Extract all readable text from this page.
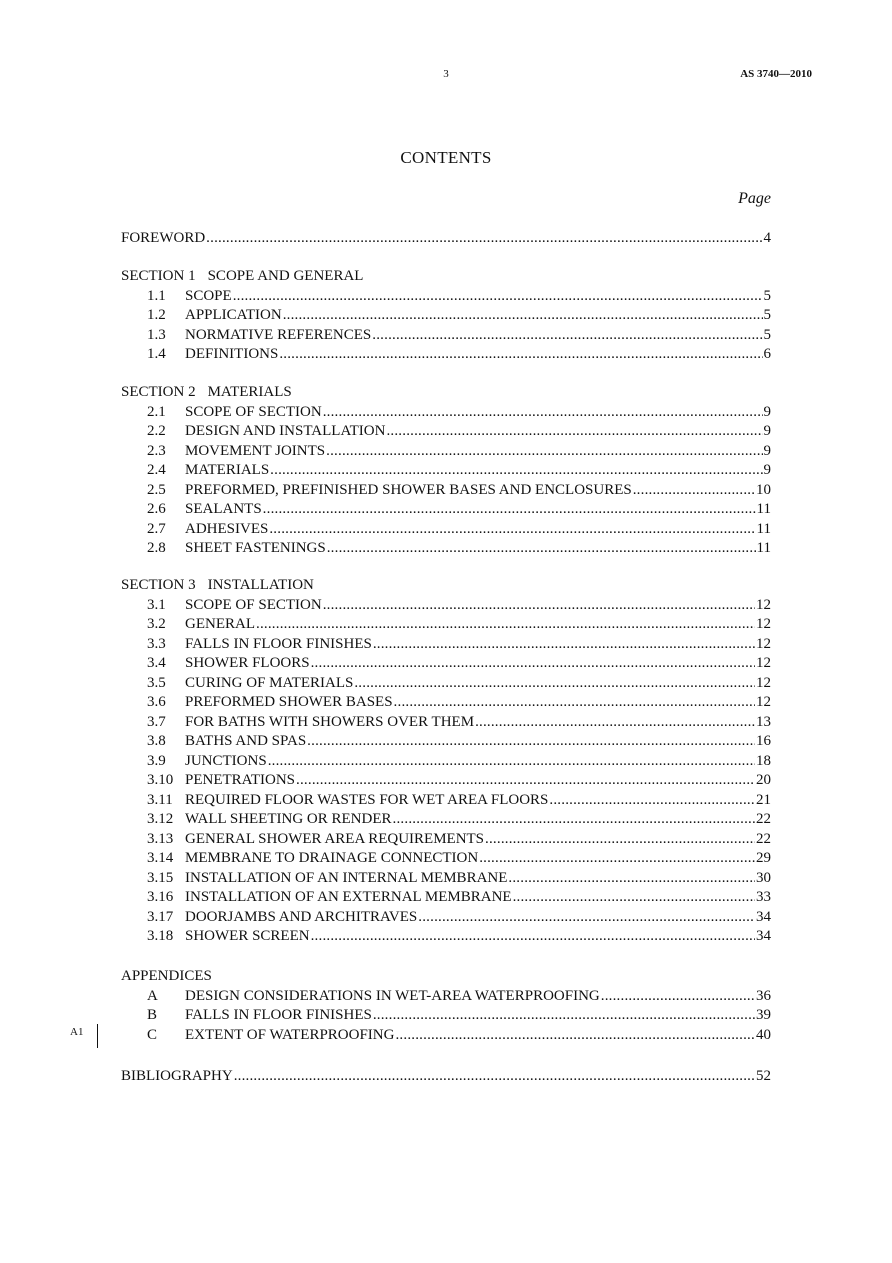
3	AS 3740—2010
CONTENTS
Page
FOREWORD .....	4
SECTION 1 SCOPE AND GENERAL
1.1	SCOPE .....	5
1.2	APPLICATION .....	5
1.3	NORMATIVE REFERENCES .....	5
1.4	DEFINITIONS .....	6
SECTION 2 MATERIALS
2.1	SCOPE OF SECTION .....	9
2.2	DESIGN AND INSTALLATION .....	9
2.3	MOVEMENT JOINTS .....	9
2.4	MATERIALS .....	9
2.5	PREFORMED, PREFINISHED SHOWER BASES AND ENCLOSURES .....	10
2.6	SEALANTS .....	11
2.7	ADHESIVES .....	11
2.8	SHEET FASTENINGS .....	11
SECTION 3 INSTALLATION
3.1	SCOPE OF SECTION .....	12
3.2	GENERAL .....	12
3.3	FALLS IN FLOOR FINISHES .....	12
3.4	SHOWER FLOORS .....	12
3.5	CURING OF MATERIALS .....	12
3.6	PREFORMED SHOWER BASES .....	12
3.7	FOR BATHS WITH SHOWERS OVER THEM .....	13
3.8	BATHS AND SPAS .....	16
3.9	JUNCTIONS .....	18
3.10 PENETRATIONS .....	20
3.11 REQUIRED FLOOR WASTES FOR WET AREA FLOORS .....	21
3.12 WALL SHEETING OR RENDER .....	22
3.13 GENERAL SHOWER AREA REQUIREMENTS .....	22
3.14 MEMBRANE TO DRAINAGE CONNECTION .....	29
3.15 INSTALLATION OF AN INTERNAL MEMBRANE .....	30
3.16 INSTALLATION OF AN EXTERNAL MEMBRANE .....	33
3.17 DOORJAMBS AND ARCHITRAVES .....	34
3.18 SHOWER SCREEN .....	34
APPENDICES
A	DESIGN CONSIDERATIONS IN WET-AREA WATERPROOFING .....	36
B	FALLS IN FLOOR FINISHES .....	39
C	EXTENT OF WATERPROOFING .....	40
A1
BIBLIOGRAPHY .....	52
